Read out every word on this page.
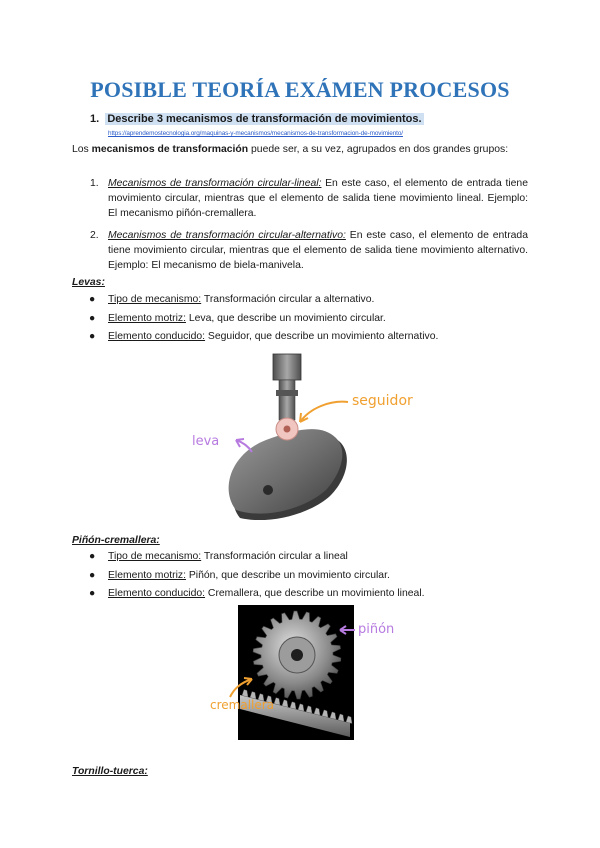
POSIBLE TEORÍA EXÁMEN PROCESOS
1. Describe 3 mecanismos de transformación de movimientos.
https://aprendemostecnologia.org/maquinas-y-mecanismos/mecanismos-de-transformacion-de-movimiento/
Los mecanismos de transformación puede ser, a su vez, agrupados en dos grandes grupos:
1. Mecanismos de transformación circular-lineal: En este caso, el elemento de entrada tiene movimiento circular, mientras que el elemento de salida tiene movimiento lineal. Ejemplo: El mecanismo piñón-cremallera.
2. Mecanismos de transformación circular-alternativo: En este caso, el elemento de entrada tiene movimiento circular, mientras que el elemento de salida tiene movimiento alternativo. Ejemplo: El mecanismo de biela-manivela.
Levas:
● Tipo de mecanismo: Transformación circular a alternativo.
● Elemento motriz: Leva, que describe un movimiento circular.
● Elemento conducido: Seguidor, que describe un movimiento alternativo.
seguidor
leva
Piñón-cremallera:
● Tipo de mecanismo: Transformación circular a lineal
● Elemento motriz: Piñón, que describe un movimiento circular.
● Elemento conducido: Cremallera, que describe un movimiento lineal.
piñón
cremallera
Tornillo-tuerca:
